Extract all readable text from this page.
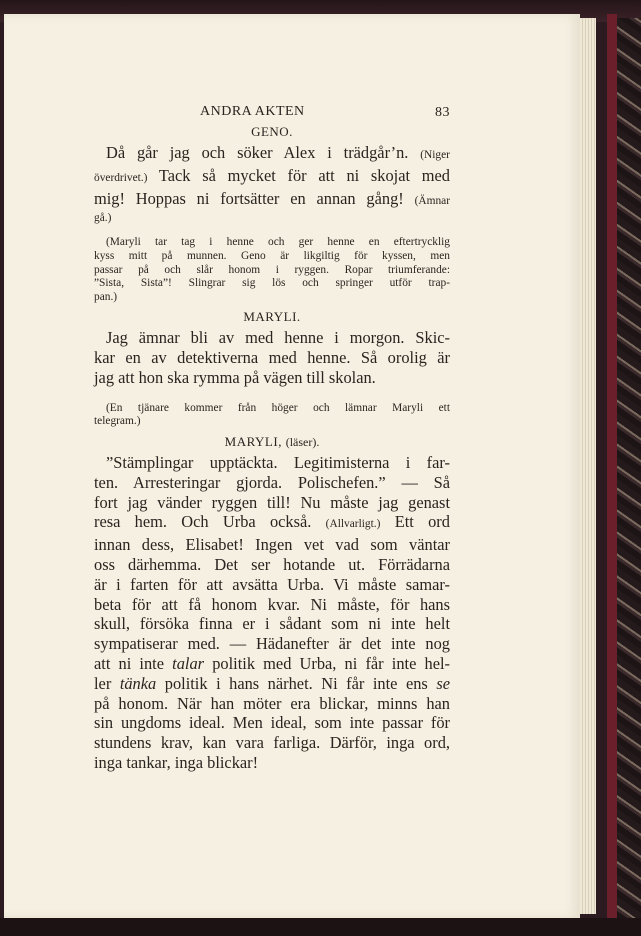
ANDRA AKTEN	83

GENO.

Då går jag och söker Alex i trädgår’n. (Niger
överdrivet.) Tack så mycket för att ni skojat med
mig! Hoppas ni fortsätter en annan gång! (Ämnar
gå.)
(Maryli tar tag i henne och ger henne en eftertrycklig
kyss mitt på munnen. Geno är likgiltig för kyssen, men
passar på och slår honom i ryggen. Ropar triumferande:
”Sista, Sista”! Slingrar sig lös och springer utför trap-
pan.)

MARYLI.

Jag ämnar bli av med henne i morgon. Skic-
kar en av detektiverna med henne. Så orolig är
jag att hon ska rymma på vägen till skolan.
(En tjänare kommer från höger och lämnar Maryli ett
telegram.)

MARYLI, (läser).

”Stämplingar upptäckta. Legitimisterna i far-
ten. Arresteringar gjorda. Polischefen.” — Så
fort jag vänder ryggen till! Nu måste jag genast
resa hem. Och Urba också. (Allvarligt.) Ett ord
innan dess, Elisabet! Ingen vet vad som väntar
oss därhemma. Det ser hotande ut. Förrädarna
är i farten för att avsätta Urba. Vi måste samar-
beta för att få honom kvar. Ni måste, för hans
skull, försöka finna er i sådant som ni inte helt
sympatiserar med. — Hädanefter är det inte nog
att ni inte talar politik med Urba, ni får inte hel-
ler tänka politik i hans närhet. Ni får inte ens se
på honom. När han möter era blickar, minns han
sin ungdoms ideal. Men ideal, som inte passar för
stundens krav, kan vara farliga. Därför, inga ord,
inga tankar, inga blickar!
